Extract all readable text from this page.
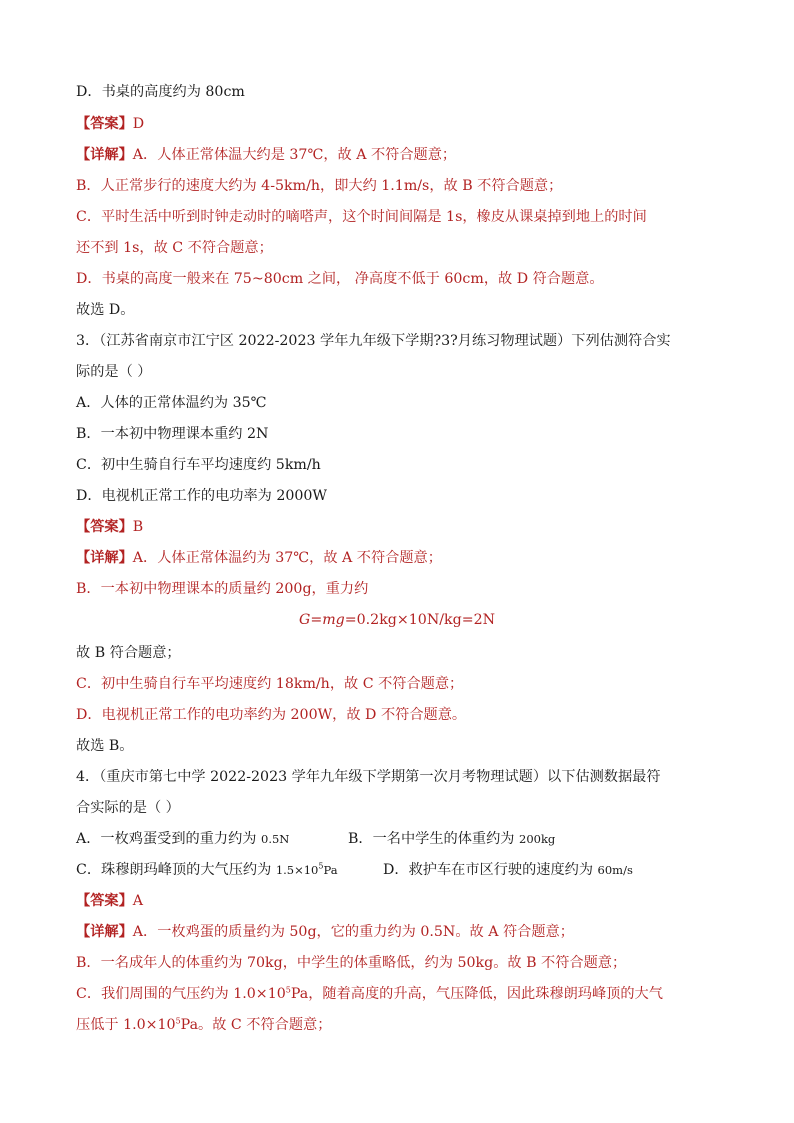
D．书桌的高度约为 80cm
【答案】D
【详解】A．人体正常体温大约是 37℃，故 A 不符合题意；
B．人正常步行的速度大约为 4-5km/h，即大约 1.1m/s，故 B 不符合题意；
C．平时生活中听到时钟走动时的嘀嗒声，这个时间间隔是 1s，橡皮从课桌掉到地上的时间
还不到 1s，故 C 不符合题意；
D．书桌的高度一般来在 75~80cm 之间， 净高度不低于 60cm，故 D 符合题意。
故选 D。
3．（江苏省南京市江宁区 2022-2023 学年九年级下学期?3?月练习物理试题）下列估测符合实
际的是（ ）
A．人体的正常体温约为 35℃
B．一本初中物理课本重约 2N
C．初中生骑自行车平均速度约 5km/h
D．电视机正常工作的电功率为 2000W
【答案】B
【详解】A．人体正常体温约为 37℃，故 A 不符合题意；
B．一本初中物理课本的质量约 200g，重力约
G=mg=0.2kg×10N/kg=2N
故 B 符合题意；
C．初中生骑自行车平均速度约 18km/h，故 C 不符合题意；
D．电视机正常工作的电功率约为 200W，故 D 不符合题意。
故选 B。
4．（重庆市第七中学 2022-2023 学年九年级下学期第一次月考物理试题）以下估测数据最符
合实际的是（ ）
A．一枚鸡蛋受到的重力约为 0.5N	B．一名中学生的体重约为 200kg
C．珠穆朗玛峰顶的大气压约为 $1.5\times 10^5Pa$	D．救护车在市区行驶的速度约为 60m/s
【答案】A
【详解】A．一枚鸡蛋的质量约为 50g，它的重力约为 0.5N。故 A 符合题意；
B．一名成年人的体重约为 70kg，中学生的体重略低，约为 50kg。故 B 不符合题意；
C．我们周围的气压约为 $1.0\times 10^5Pa$，随着高度的升高，气压降低，因此珠穆朗玛峰顶的大气
压低于 $1.0\times 10^5Pa$。故 C 不符合题意；
